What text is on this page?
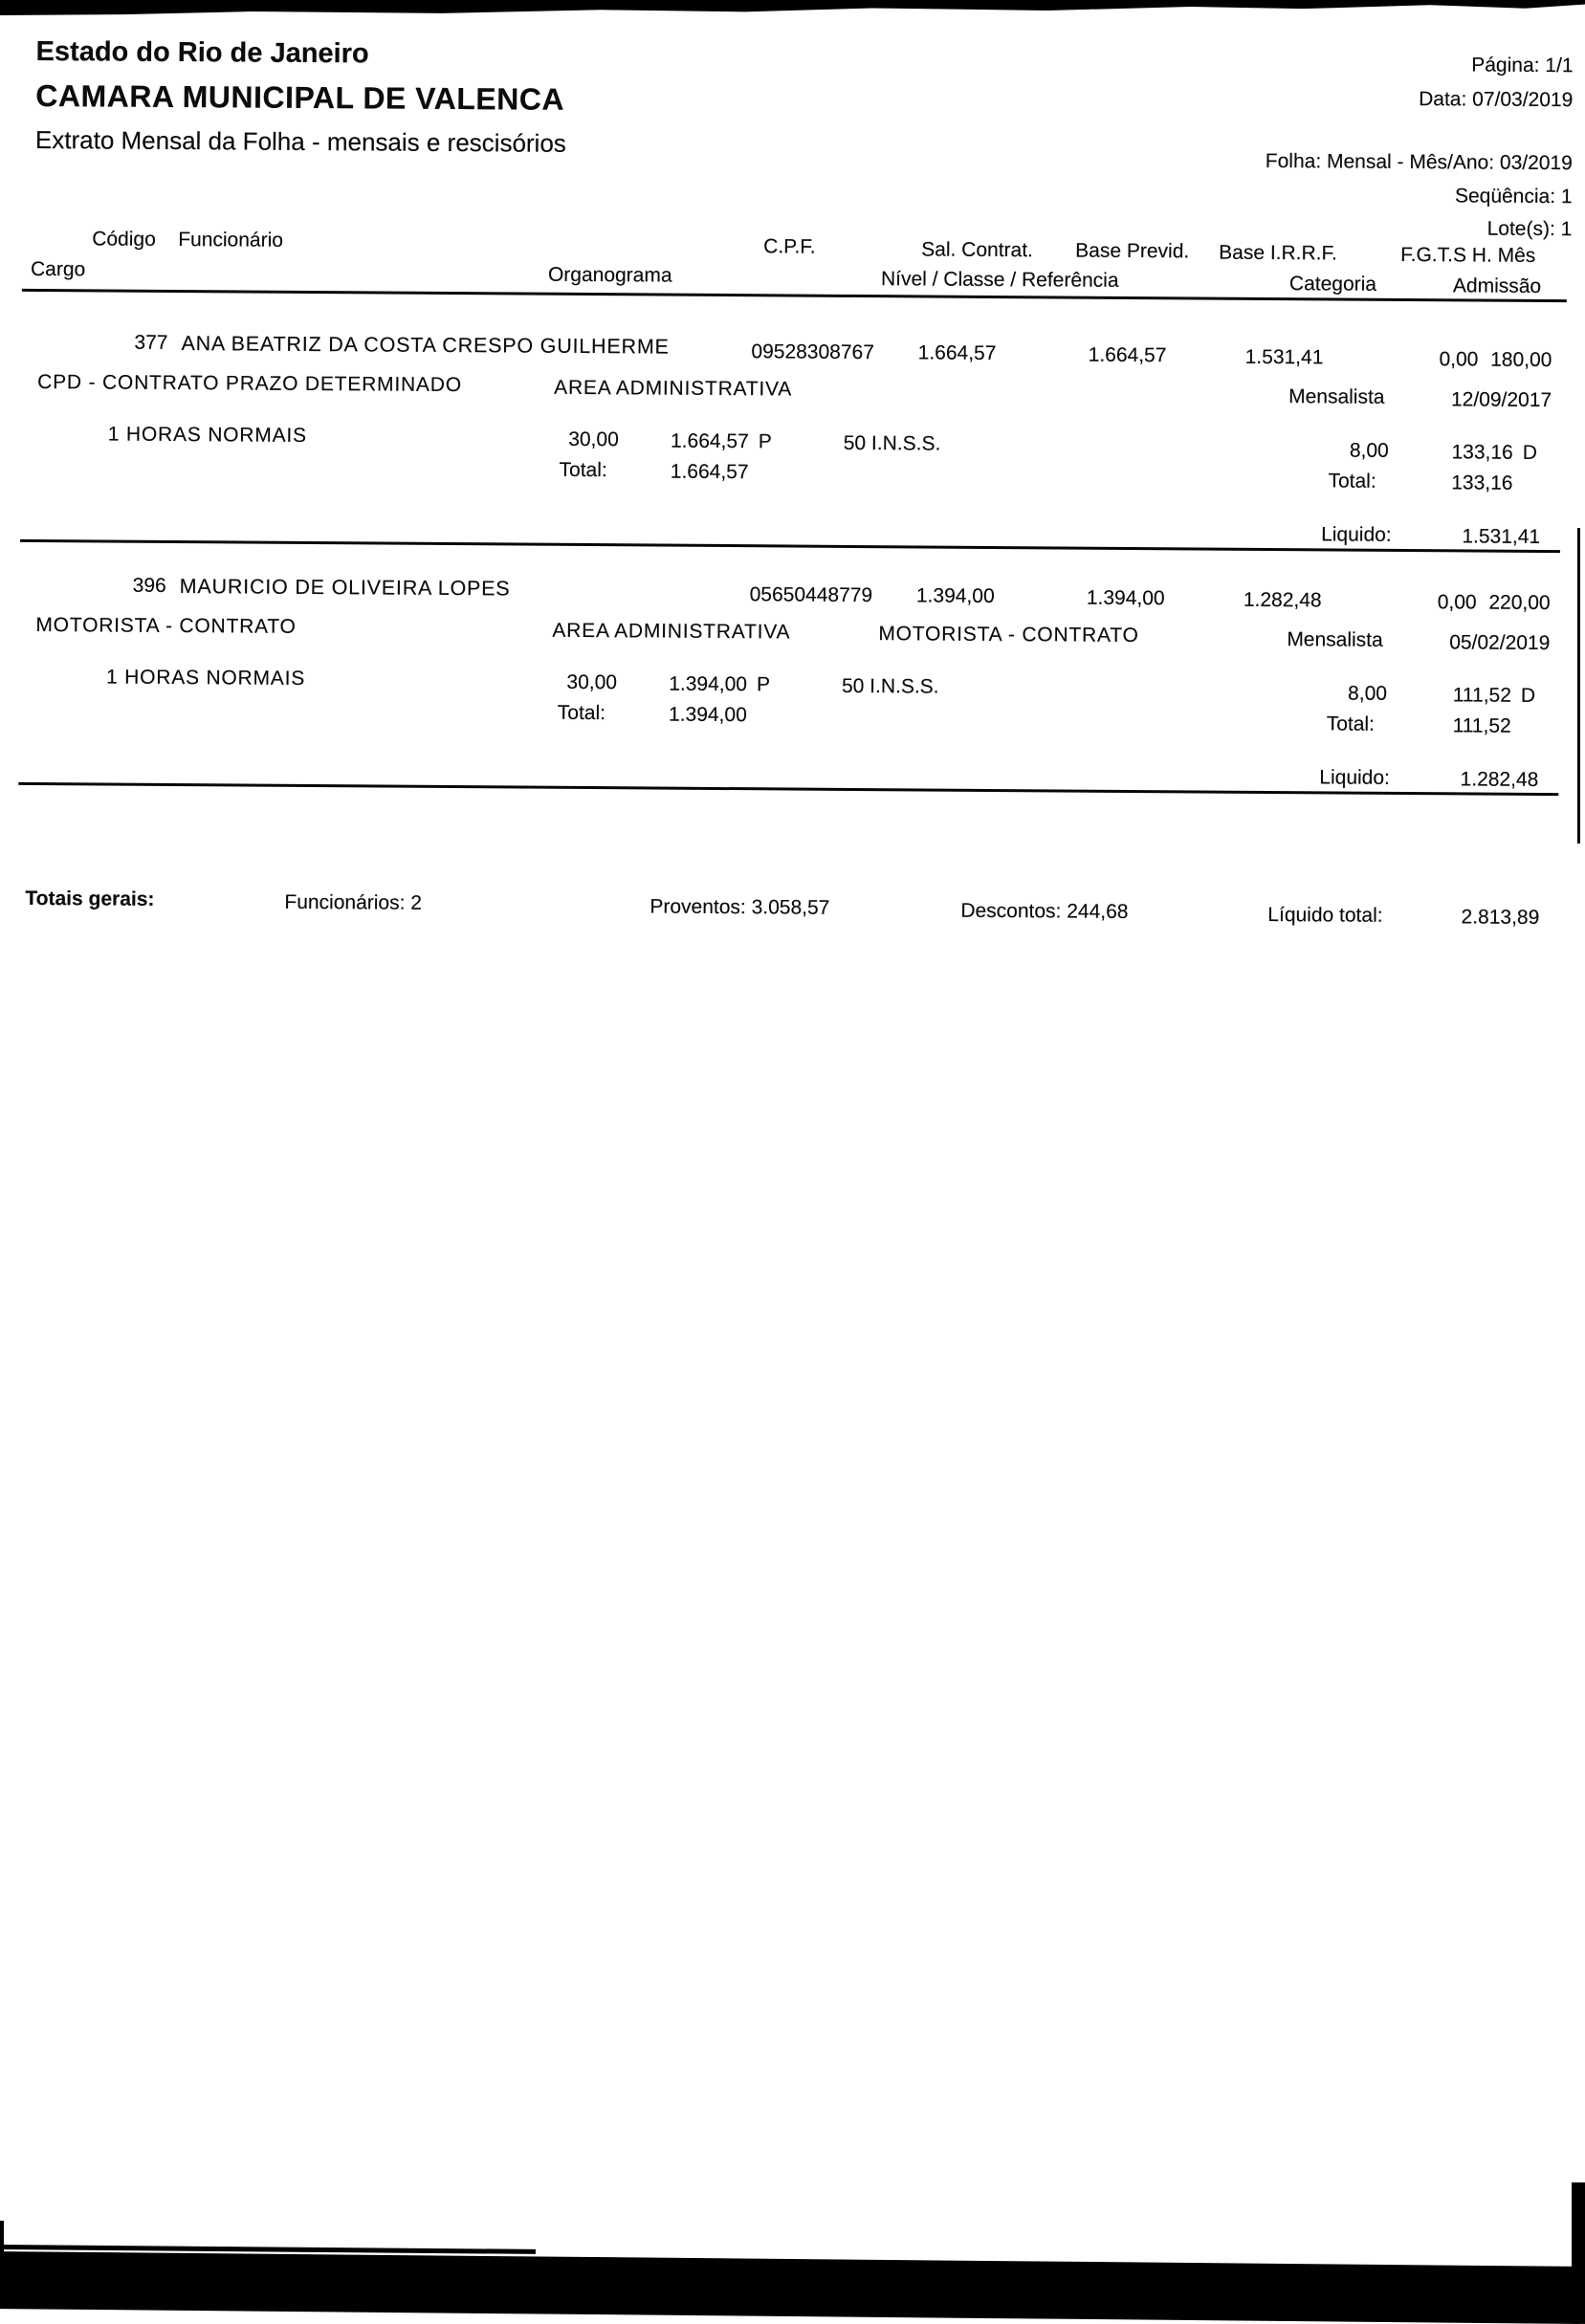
Estado do Rio de Janeiro
CAMARA MUNICIPAL DE VALENCA
Extrato Mensal da Folha - mensais e rescisórios
Página: 1/1
Data: 07/03/2019
Folha: Mensal - Mês/Ano: 03/2019
Seqüência: 1
Lote(s): 1
Código Funcionário	C.P.F.	Sal. Contrat. Base Previd. Base I.R.R.F.	F.G.T.S H. Mês
Cargo	Organograma	Nível / Classe / Referência	Categoria	Admissão
377 ANA BEATRIZ DA COSTA CRESPO GUILHERME	09528308767	1.664,57	1.664,57	1.531,41	0,00 180,00
CPD - CONTRATO PRAZO DETERMINADO	AREA ADMINISTRATIVA	Mensalista	12/09/2017
1 HORAS NORMAIS	30,00	1.664,57 P	50 I.N.S.S.	8,00	133,16 D
Total:	1.664,57	Total:	133,16
Liquido:	1.531,41
396 MAURICIO DE OLIVEIRA LOPES	05650448779	1.394,00	1.394,00	1.282,48	0,00 220,00
MOTORISTA - CONTRATO	AREA ADMINISTRATIVA	MOTORISTA - CONTRATO	Mensalista	05/02/2019
1 HORAS NORMAIS	30,00	1.394,00 P	50 I.N.S.S.	8,00	111,52 D
Total:	1.394,00	Total:	111,52
Liquido:	1.282,48
Totais gerais:	Funcionários: 2	Proventos: 3.058,57	Descontos: 244,68	Líquido total:	2.813,89
